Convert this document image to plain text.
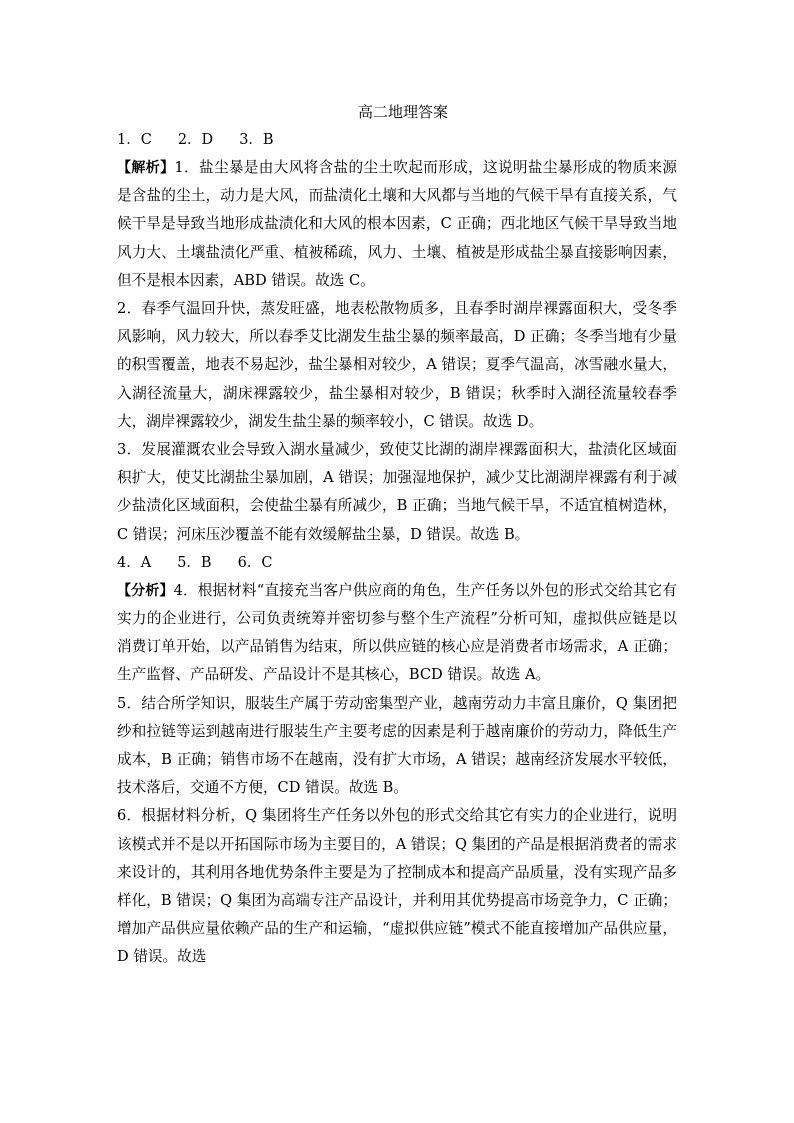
高二地理答案
1．C 2．D 3．B

【解析】1．盐尘暴是由大风将含盐的尘土吹起而形成，这说明盐尘暴形成的物质来源是含盐的尘土，动力是大风，而盐渍化土壤和大风都与当地的气候干旱有直接关系，气候干旱是导致当地形成盐渍化和大风的根本因素，C 正确；西北地区气候干旱导致当地风力大、土壤盐渍化严重、植被稀疏，风力、土壤、植被是形成盐尘暴直接影响因素，但不是根本因素，ABD 错误。故选 C。

2．春季气温回升快，蒸发旺盛，地表松散物质多，且春季时湖岸裸露面积大，受冬季风影响，风力较大，所以春季艾比湖发生盐尘暴的频率最高，D 正确；冬季当地有少量的积雪覆盖，地表不易起沙，盐尘暴相对较少，A 错误；夏季气温高，冰雪融水量大，入湖径流量大，湖床裸露较少，盐尘暴相对较少，B 错误；秋季时入湖径流量较春季大，湖岸裸露较少，湖发生盐尘暴的频率较小，C 错误。故选 D。

3．发展灌溉农业会导致入湖水量减少，致使艾比湖的湖岸裸露面积大，盐渍化区域面积扩大，使艾比湖盐尘暴加剧，A 错误；加强湿地保护，减少艾比湖湖岸裸露有利于减少盐渍化区域面积，会使盐尘暴有所减少，B 正确；当地气候干旱，不适宜植树造林，C 错误；河床压沙覆盖不能有效缓解盐尘暴，D 错误。故选 B。

4．A 5．B 6．C

【分析】4．根据材料“直接充当客户供应商的角色，生产任务以外包的形式交给其它有实力的企业进行，公司负责统筹并密切参与整个生产流程”分析可知，虚拟供应链是以消费订单开始，以产品销售为结束，所以供应链的核心应是消费者市场需求，A 正确；生产监督、产品研发、产品设计不是其核心，BCD 错误。故选 A。

5．结合所学知识，服装生产属于劳动密集型产业，越南劳动力丰富且廉价，Q 集团把纱和拉链等运到越南进行服装生产主要考虑的因素是利于越南廉价的劳动力，降低生产成本，B 正确；销售市场不在越南，没有扩大市场，A 错误；越南经济发展水平较低，技术落后，交通不方便，CD 错误。故选 B。

6．根据材料分析，Q 集团将生产任务以外包的形式交给其它有实力的企业进行，说明该模式并不是以开拓国际市场为主要目的，A 错误；Q 集团的产品是根据消费者的需求来设计的，其利用各地优势条件主要是为了控制成本和提高产品质量，没有实现产品多样化，B 错误；Q 集团为高端专注产品设计，并利用其优势提高市场竞争力，C 正确；增加产品供应量依赖产品的生产和运输，“虚拟供应链”模式不能直接增加产品供应量，D 错误。故选
